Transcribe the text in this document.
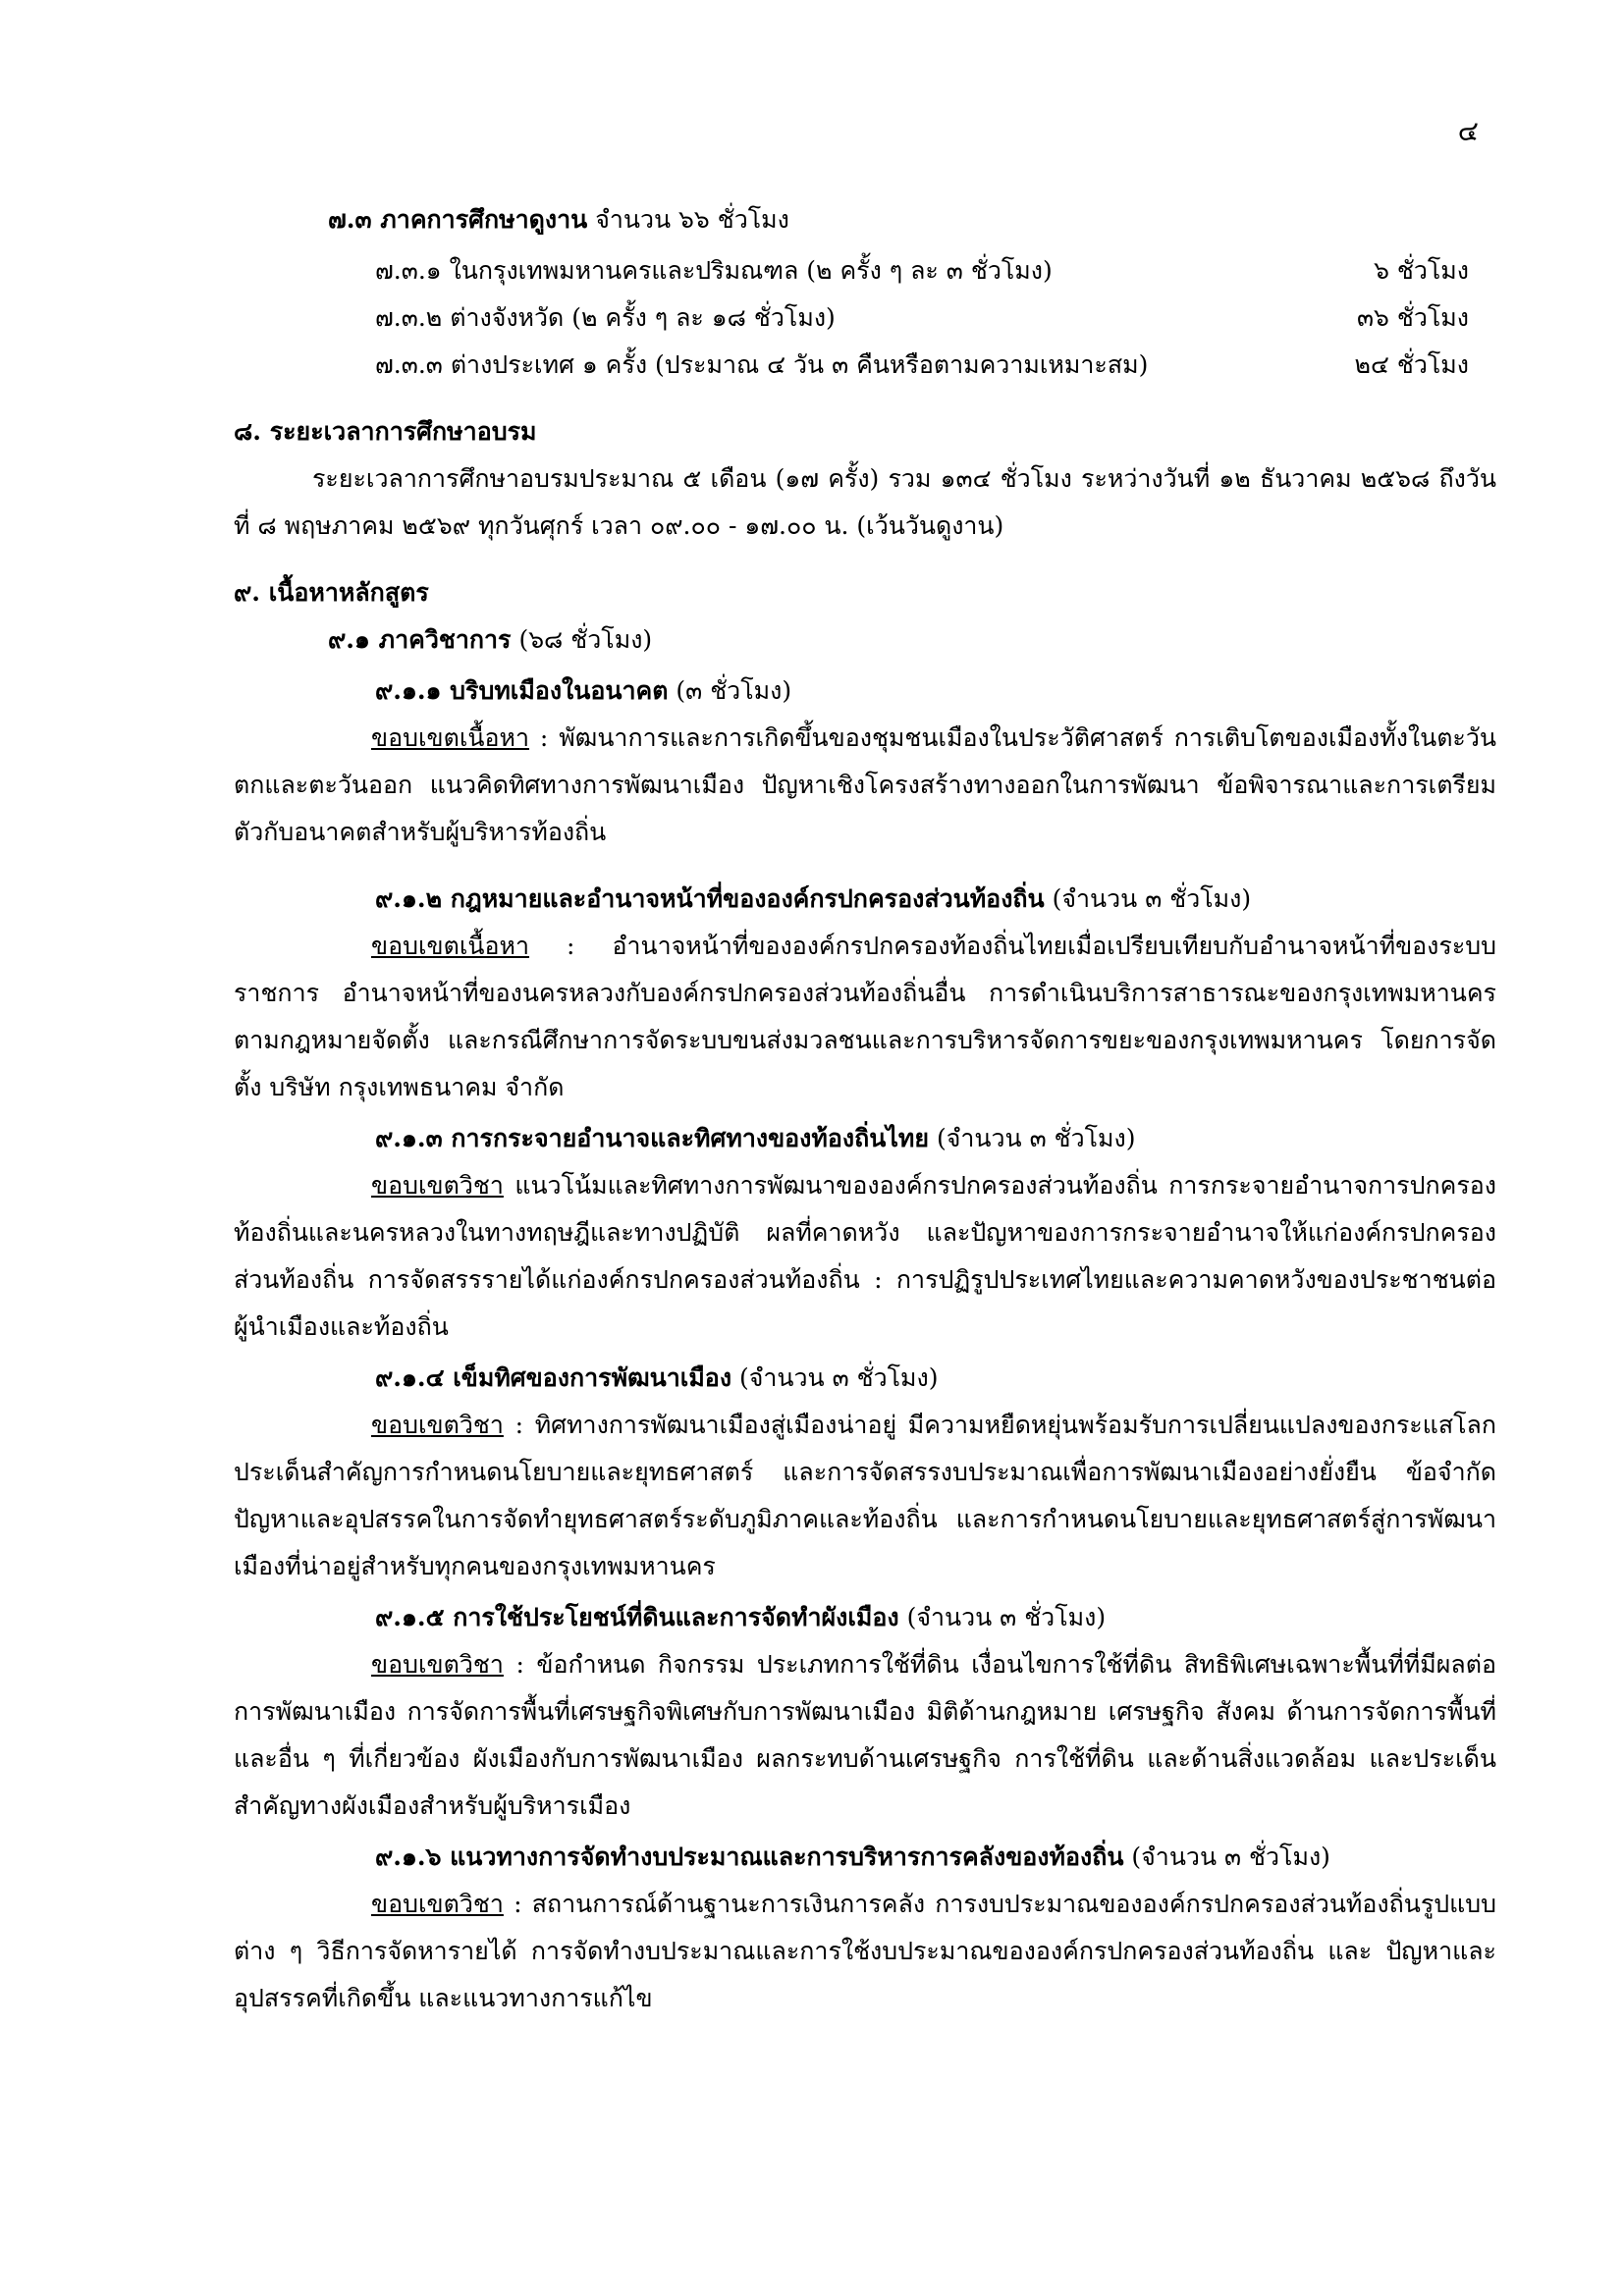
๔
๗.๓ ภาคการศึกษาดูงาน จำนวน ๖๖ ชั่วโมง
๗.๓.๑ ในกรุงเทพมหานครและปริมณฑล (๒ ครั้ง ๆ ละ ๓ ชั่วโมง)	๖ ชั่วโมง
๗.๓.๒ ต่างจังหวัด (๒ ครั้ง ๆ ละ ๑๘ ชั่วโมง)	๓๖ ชั่วโมง
๗.๓.๓ ต่างประเทศ ๑ ครั้ง (ประมาณ ๔ วัน ๓ คืนหรือตามความเหมาะสม)	๒๔ ชั่วโมง
๘. ระยะเวลาการศึกษาอบรม
ระยะเวลาการศึกษาอบรมประมาณ ๕ เดือน (๑๗ ครั้ง) รวม ๑๓๔ ชั่วโมง ระหว่างวันที่ ๑๒ ธันวาคม ๒๕๖๘ ถึงวันที่ ๘ พฤษภาคม ๒๕๖๙ ทุกวันศุกร์ เวลา ๐๙.๐๐ - ๑๗.๐๐ น. (เว้นวันดูงาน)
๙. เนื้อหาหลักสูตร
๙.๑ ภาควิชาการ (๖๘ ชั่วโมง)
๙.๑.๑ บริบทเมืองในอนาคต (๓ ชั่วโมง)
ขอบเขตเนื้อหา : พัฒนาการและการเกิดขึ้นของชุมชนเมืองในประวัติศาสตร์ การเติบโตของเมืองทั้งในตะวันตกและตะวันออก แนวคิดทิศทางการพัฒนาเมือง ปัญหาเชิงโครงสร้างทางออกในการพัฒนา ข้อพิจารณาและการเตรียมตัวกับอนาคตสำหรับผู้บริหารท้องถิ่น
๙.๑.๒ กฎหมายและอำนาจหน้าที่ขององค์กรปกครองส่วนท้องถิ่น (จำนวน ๓ ชั่วโมง)
ขอบเขตเนื้อหา : อำนาจหน้าที่ขององค์กรปกครองท้องถิ่นไทยเมื่อเปรียบเทียบกับอำนาจหน้าที่ของระบบราชการ อำนาจหน้าที่ของนครหลวงกับองค์กรปกครองส่วนท้องถิ่นอื่น การดำเนินบริการสาธารณะของกรุงเทพมหานครตามกฎหมายจัดตั้ง และกรณีศึกษาการจัดระบบขนส่งมวลชนและการบริหารจัดการขยะของกรุงเทพมหานคร โดยการจัดตั้ง บริษัท กรุงเทพธนาคม จำกัด
๙.๑.๓ การกระจายอำนาจและทิศทางของท้องถิ่นไทย (จำนวน ๓ ชั่วโมง)
ขอบเขตวิชา แนวโน้มและทิศทางการพัฒนาขององค์กรปกครองส่วนท้องถิ่น การกระจายอำนาจการปกครองท้องถิ่นและนครหลวงในทางทฤษฎีและทางปฏิบัติ ผลที่คาดหวัง และปัญหาของการกระจายอำนาจให้แก่องค์กรปกครองส่วนท้องถิ่น การจัดสรรรายได้แก่องค์กรปกครองส่วนท้องถิ่น : การปฏิรูปประเทศไทยและความคาดหวังของประชาชนต่อผู้นำเมืองและท้องถิ่น
๙.๑.๔ เข็มทิศของการพัฒนาเมือง (จำนวน ๓ ชั่วโมง)
ขอบเขตวิชา : ทิศทางการพัฒนาเมืองสู่เมืองน่าอยู่ มีความหยืดหยุ่นพร้อมรับการเปลี่ยนแปลงของกระแสโลก ประเด็นสำคัญการกำหนดนโยบายและยุทธศาสตร์ และการจัดสรรงบประมาณเพื่อการพัฒนาเมืองอย่างยั่งยืน ข้อจำกัด ปัญหาและอุปสรรคในการจัดทำยุทธศาสตร์ระดับภูมิภาคและท้องถิ่น และการกำหนดนโยบายและยุทธศาสตร์สู่การพัฒนาเมืองที่น่าอยู่สำหรับทุกคนของกรุงเทพมหานคร
๙.๑.๕ การใช้ประโยชน์ที่ดินและการจัดทำผังเมือง (จำนวน ๓ ชั่วโมง)
ขอบเขตวิชา : ข้อกำหนด กิจกรรม ประเภทการใช้ที่ดิน เงื่อนไขการใช้ที่ดิน สิทธิพิเศษเฉพาะพื้นที่ที่มีผลต่อการพัฒนาเมือง การจัดการพื้นที่เศรษฐกิจพิเศษกับการพัฒนาเมือง มิติด้านกฎหมาย เศรษฐกิจ สังคม ด้านการจัดการพื้นที่ และอื่น ๆ ที่เกี่ยวข้อง ผังเมืองกับการพัฒนาเมือง ผลกระทบด้านเศรษฐกิจ การใช้ที่ดิน และด้านสิ่งแวดล้อม และประเด็นสำคัญทางผังเมืองสำหรับผู้บริหารเมือง
๙.๑.๖ แนวทางการจัดทำงบประมาณและการบริหารการคลังของท้องถิ่น (จำนวน ๓ ชั่วโมง)
ขอบเขตวิชา : สถานการณ์ด้านฐานะการเงินการคลัง การงบประมาณขององค์กรปกครองส่วนท้องถิ่นรูปแบบต่าง ๆ วิธีการจัดหารายได้ การจัดทำงบประมาณและการใช้งบประมาณขององค์กรปกครองส่วนท้องถิ่น และ ปัญหาและอุปสรรคที่เกิดขึ้น และแนวทางการแก้ไข
